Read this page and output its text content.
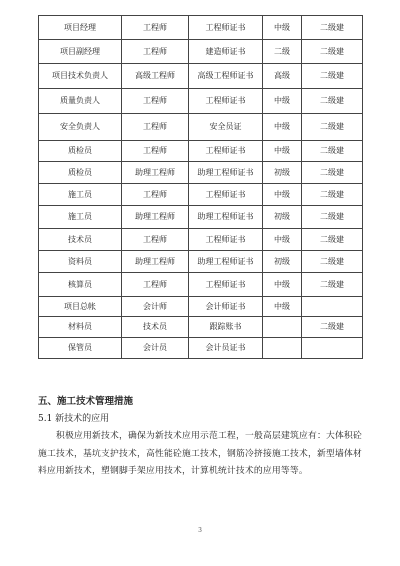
项目经理	工程师	工程师证书	中级	二级建
项目副经理	工程师	建造师证书	二级	二级建
项目技术负责人	高级工程师	高级工程师证书	高级	二级建
质量负责人	工程师	工程师证书	中级	二级建
安全负责人	工程师	安全员证	中级	二级建
质检员	工程师	工程师证书	中级	二级建
质检员	助理工程师	助理工程师证书	初级	二级建
施工员	工程师	工程师证书	中级	二级建
施工员	助理工程师	助理工程师证书	初级	二级建
技术员	工程师	工程师证书	中级	二级建
资料员	助理工程师	助理工程师证书	初级	二级建
核算员	工程师	工程师证书	中级	二级建
项目总帐	会计师	会计师证书	中级	
材料员	技术员	跟踪账书		二级建
保管员	会计员	会计员证书		
五、施工技术管理措施
5.1 新技术的应用

积极应用新技术，确保为新技术应用示范工程，一般高层建筑应有：大体积砼施工技术，基坑支护技术，高性能砼施工技术，钢筋冷挤接施工技术，新型墙体材料应用新技术，塑钢脚手架应用技术，计算机统计技术的应用等等。

3
